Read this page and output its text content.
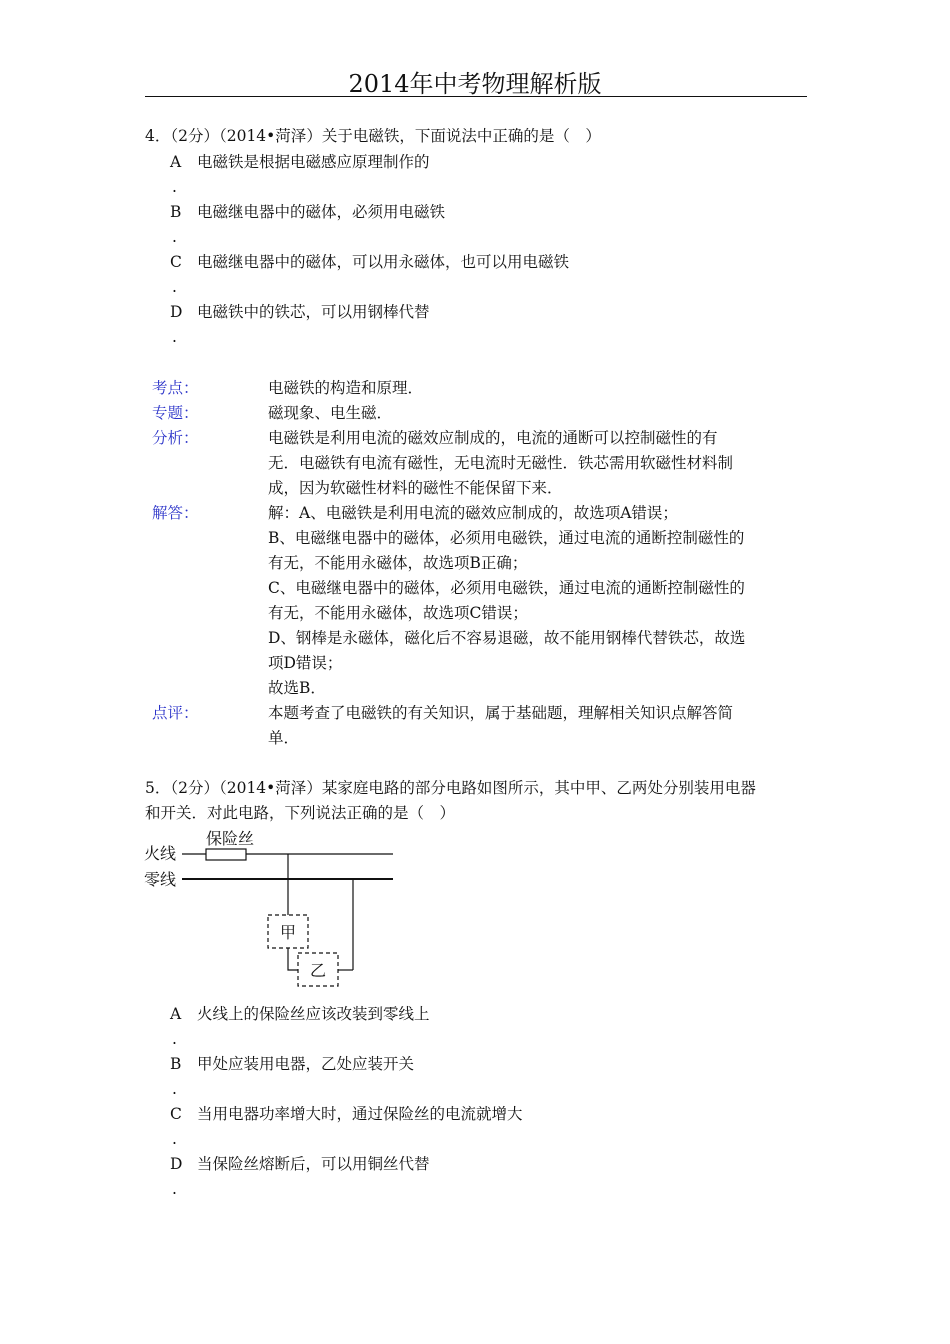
2014年中考物理解析版
4．（2分）（2014•菏泽）关于电磁铁，下面说法中正确的是（　）
A 电磁铁是根据电磁感应原理制作的
.
B 电磁继电器中的磁体，必须用电磁铁
.
C 电磁继电器中的磁体，可以用永磁体，也可以用电磁铁
.
D 电磁铁中的铁芯，可以用钢棒代替
.
考点：	电磁铁的构造和原理．
专题：	磁现象、电生磁．
分析：	电磁铁是利用电流的磁效应制成的，电流的通断可以控制磁性的有
无．电磁铁有电流有磁性，无电流时无磁性．铁芯需用软磁性材料制
成，因为软磁性材料的磁性不能保留下来．
解答：	解：A、电磁铁是利用电流的磁效应制成的，故选项A错误；
B、电磁继电器中的磁体，必须用电磁铁，通过电流的通断控制磁性的
有无，不能用永磁体，故选项B正确；
C、电磁继电器中的磁体，必须用电磁铁，通过电流的通断控制磁性的
有无，不能用永磁体，故选项C错误；
D、钢棒是永磁体，磁化后不容易退磁，故不能用钢棒代替铁芯，故选
项D错误；
故选B．
点评：	本题考查了电磁铁的有关知识，属于基础题，理解相关知识点解答简
单．
5．（2分）（2014•菏泽）某家庭电路的部分电路如图所示，其中甲、乙两处分别装用电器
和开关．对此电路，下列说法正确的是（　）
火线
零线
保险丝
甲
乙
A 火线上的保险丝应该改装到零线上
.
B 甲处应装用电器，乙处应装开关
.
C 当用电器功率增大时，通过保险丝的电流就增大
.
D 当保险丝熔断后，可以用铜丝代替
.
